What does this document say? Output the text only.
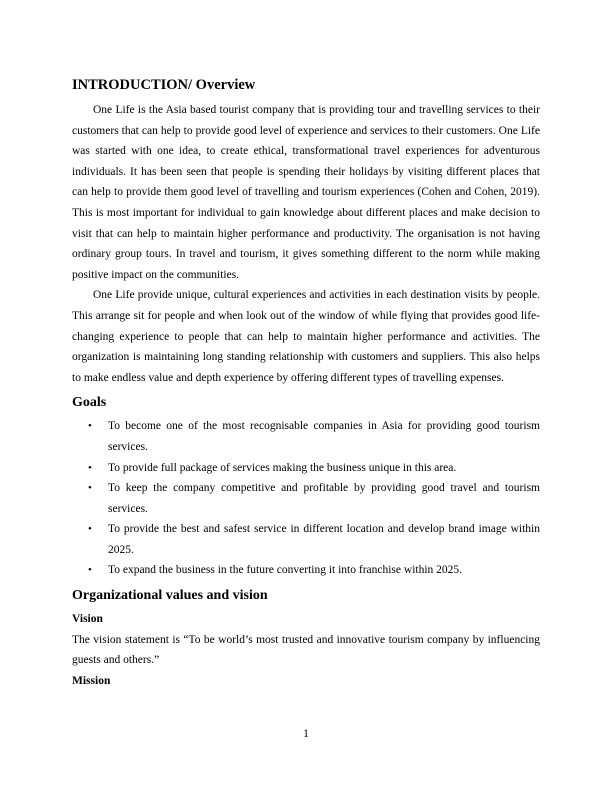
INTRODUCTION/ Overview

One Life is the Asia based tourist company that is providing tour and travelling services to their customers that can help to provide good level of experience and services to their customers. One Life was started with one idea, to create ethical, transformational travel experiences for adventurous individuals. It has been seen that people is spending their holidays by visiting different places that can help to provide them good level of travelling and tourism experiences (Cohen and Cohen, 2019). This is most important for individual to gain knowledge about different places and make decision to visit that can help to maintain higher performance and productivity. The organisation is not having ordinary group tours. In travel and tourism, it gives something different to the norm while making positive impact on the communities.

One Life provide unique, cultural experiences and activities in each destination visits by people. This arrange sit for people and when look out of the window of while flying that provides good life-changing experience to people that can help to maintain higher performance and activities. The organization is maintaining long standing relationship with customers and suppliers. This also helps to make endless value and depth experience by offering different types of travelling expenses.

Goals
• To become one of the most recognisable companies in Asia for providing good tourism services.
• To provide full package of services making the business unique in this area.
• To keep the company competitive and profitable by providing good travel and tourism services.
• To provide the best and safest service in different location and develop brand image within 2025.
• To expand the business in the future converting it into franchise within 2025.
Organizational values and vision
Vision

The vision statement is “To be world’s most trusted and innovative tourism company by influencing guests and others.”

Mission
1
